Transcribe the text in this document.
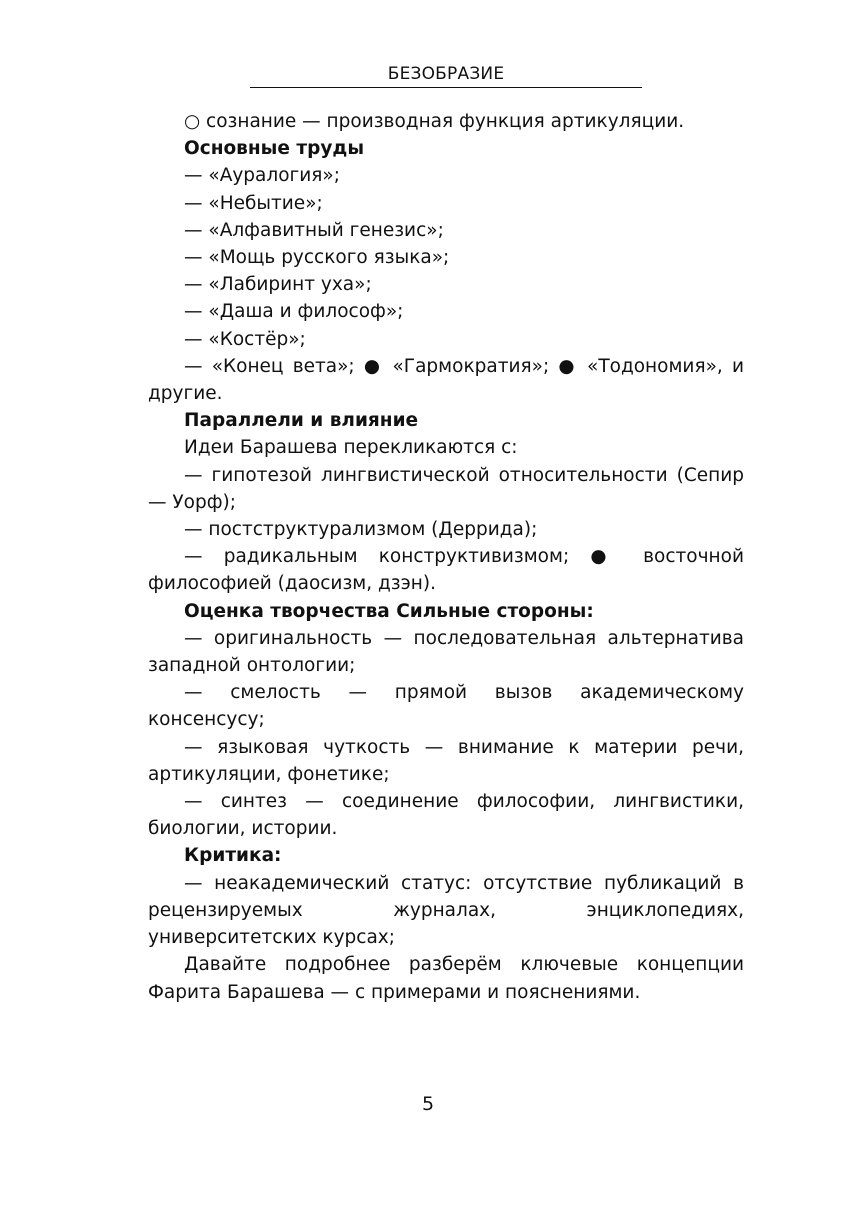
БЕЗОБРАЗИЕ

○ сознание — производная функция артикуляции.

Основные труды

— «Ауралогия»;

— «Небытие»;

— «Алфавитный генезис»;

— «Мощь русского языка»;

— «Лабиринт уха»;

— «Даша и философ»;

— «Костёр»;

— «Конец вета»; ● «Гармократия»; ● «Тодономия», и другие.

Параллели и влияние

Идеи Барашева перекликаются с:

— гипотезой лингвистической относительности (Сепир — Уорф);

— постструктурализмом (Деррида);

— радикальным конструктивизмом; ● восточной философией (даосизм, дзэн).

Оценка творчества Сильные стороны:

— оригинальность — последовательная альтернатива западной онтологии;

— смелость — прямой вызов академическому консенсусу;

— языковая чуткость — внимание к материи речи, артикуляции, фонетике;

— синтез — соединение философии, лингвистики, биологии, истории.

Критика:

— неакадемический статус: отсутствие публикаций в рецензируемых журналах, энциклопедиях, университетских курсах;

Давайте подробнее разберём ключевые концепции Фарита Барашева — с примерами и пояснениями.

5
